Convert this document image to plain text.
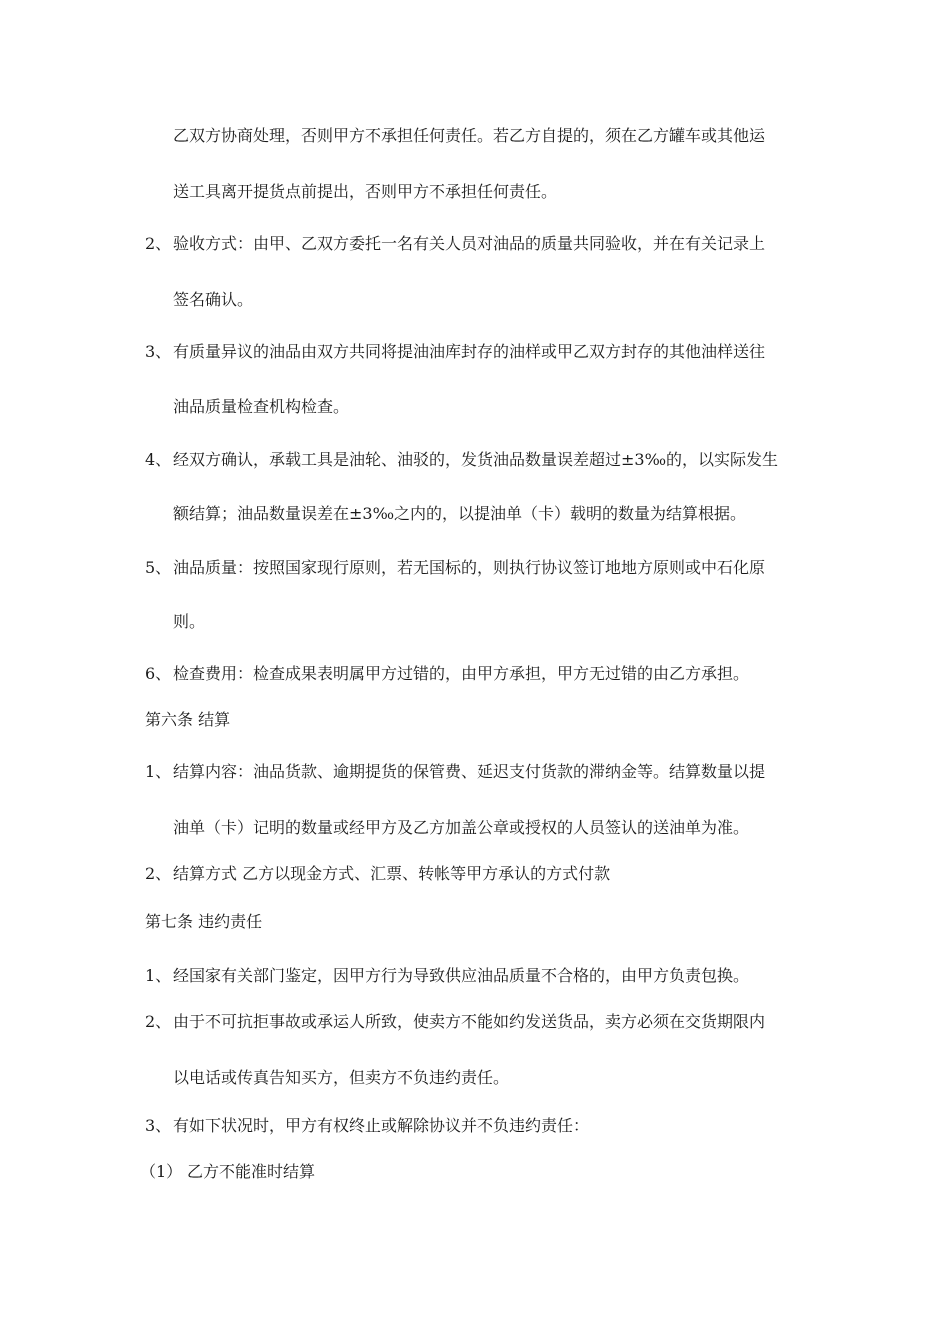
乙双方协商处理，否则甲方不承担任何责任。若乙方自提的，须在乙方罐车或其他运
送工具离开提货点前提出，否则甲方不承担任何责任。
2、 验收方式：由甲、乙双方委托一名有关人员对油品的质量共同验收，并在有关记录上
签名确认。
3、 有质量异议的油品由双方共同将提油油库封存的油样或甲乙双方封存的其他油样送往
油品质量检查机构检查。
4、 经双方确认，承载工具是油轮、油驳的，发货油品数量误差超过±3‰的，以实际发生
额结算；油品数量误差在±3‰之内的，以提油单（卡）载明的数量为结算根据。
5、 油品质量：按照国家现行原则，若无国标的，则执行协议签订地地方原则或中石化原
则。
6、 检查费用：检查成果表明属甲方过错的，由甲方承担，甲方无过错的由乙方承担。
第六条 结算
1、 结算内容：油品货款、逾期提货的保管费、延迟支付货款的滞纳金等。结算数量以提
油单（卡）记明的数量或经甲方及乙方加盖公章或授权的人员签认的送油单为准。
2、 结算方式 乙方以现金方式、汇票、转帐等甲方承认的方式付款
第七条 违约责任
1、 经国家有关部门鉴定，因甲方行为导致供应油品质量不合格的，由甲方负责包换。
2、 由于不可抗拒事故或承运人所致，使卖方不能如约发送货品，卖方必须在交货期限内
以电话或传真告知买方，但卖方不负违约责任。
3、 有如下状况时，甲方有权终止或解除协议并不负违约责任：
（1） 乙方不能准时结算
